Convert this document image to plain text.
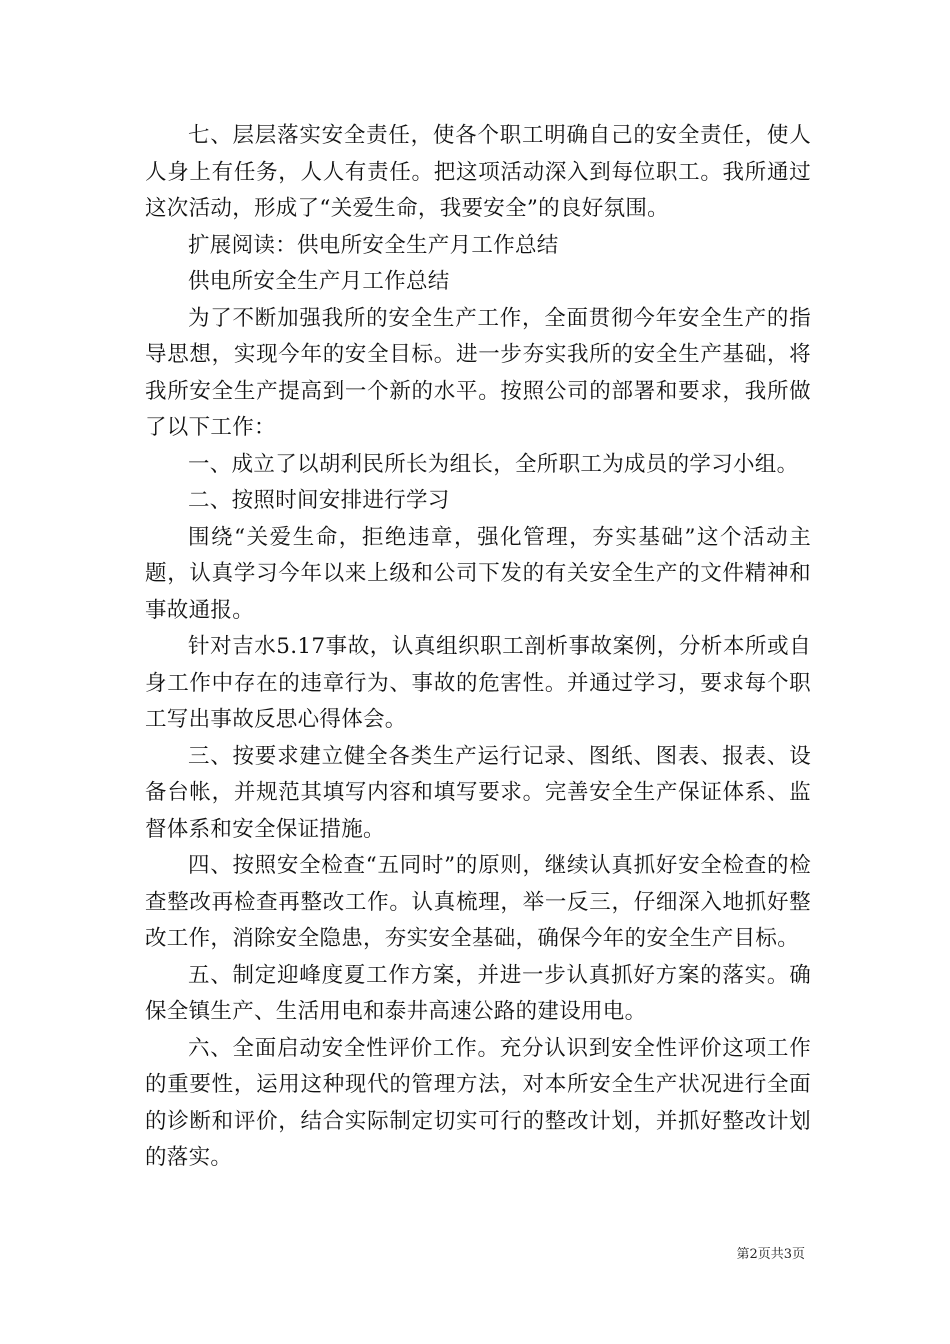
七、层层落实安全责任，使各个职工明确自己的安全责任，使人人身上有任务，人人有责任。把这项活动深入到每位职工。我所通过这次活动，形成了“关爱生命，我要安全”的良好氛围。

扩展阅读：供电所安全生产月工作总结

供电所安全生产月工作总结

为了不断加强我所的安全生产工作，全面贯彻今年安全生产的指导思想，实现今年的安全目标。进一步夯实我所的安全生产基础，将我所安全生产提高到一个新的水平。按照公司的部署和要求，我所做了以下工作：

一、成立了以胡利民所长为组长，全所职工为成员的学习小组。

二、按照时间安排进行学习

围绕“关爱生命，拒绝违章，强化管理，夯实基础”这个活动主题，认真学习今年以来上级和公司下发的有关安全生产的文件精神和事故通报。

针对吉水5.17事故，认真组织职工剖析事故案例，分析本所或自身工作中存在的违章行为、事故的危害性。并通过学习，要求每个职工写出事故反思心得体会。

三、按要求建立健全各类生产运行记录、图纸、图表、报表、设备台帐，并规范其填写内容和填写要求。完善安全生产保证体系、监督体系和安全保证措施。

四、按照安全检查“五同时”的原则，继续认真抓好安全检查的检查整改再检查再整改工作。认真梳理，举一反三，仔细深入地抓好整改工作，消除安全隐患，夯实安全基础，确保今年的安全生产目标。

五、制定迎峰度夏工作方案，并进一步认真抓好方案的落实。确保全镇生产、生活用电和泰井高速公路的建设用电。

六、全面启动安全性评价工作。充分认识到安全性评价这项工作的重要性，运用这种现代的管理方法，对本所安全生产状况进行全面的诊断和评价，结合实际制定切实可行的整改计划，并抓好整改计划的落实。

第2页共3页
